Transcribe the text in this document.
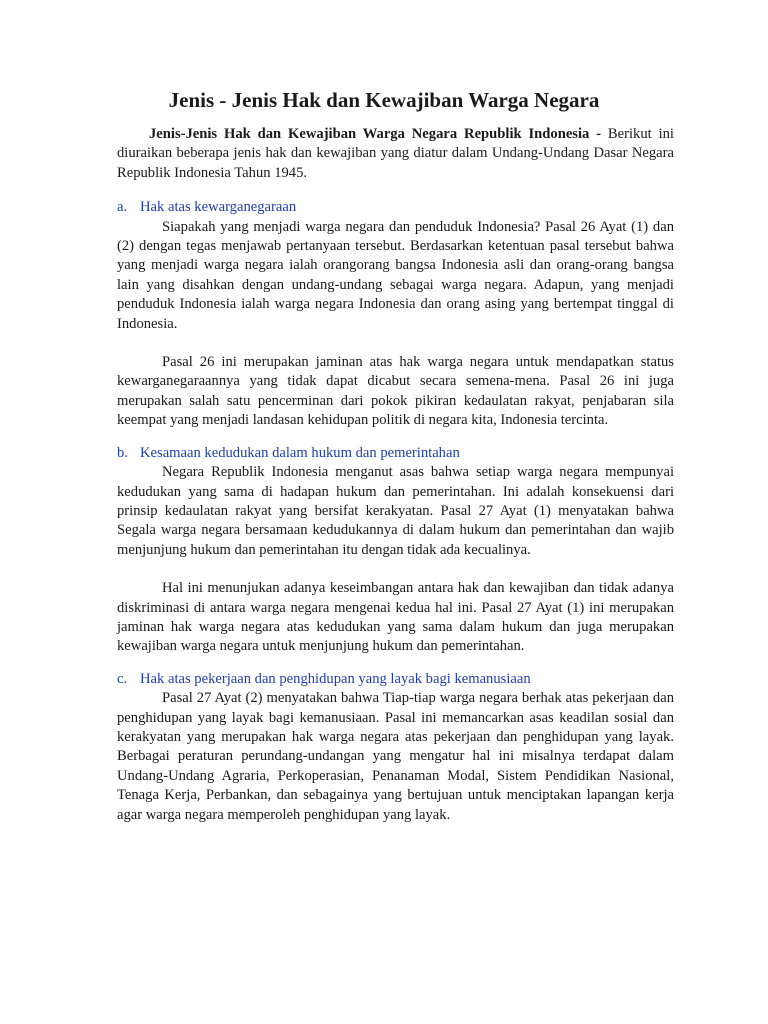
Jenis - Jenis Hak dan Kewajiban Warga Negara

Jenis-Jenis Hak dan Kewajiban Warga Negara Republik Indonesia - Berikut ini diuraikan beberapa jenis hak dan kewajiban yang diatur dalam Undang-Undang Dasar Negara Republik Indonesia Tahun 1945.

a. Hak atas kewarganegaraan

Siapakah yang menjadi warga negara dan penduduk Indonesia? Pasal 26 Ayat (1) dan (2) dengan tegas menjawab pertanyaan tersebut. Berdasarkan ketentuan pasal tersebut bahwa yang menjadi warga negara ialah orangorang bangsa Indonesia asli dan orang-orang bangsa lain yang disahkan dengan undang-undang sebagai warga negara. Adapun, yang menjadi penduduk Indonesia ialah warga negara Indonesia dan orang asing yang bertempat tinggal di Indonesia.

Pasal 26 ini merupakan jaminan atas hak warga negara untuk mendapatkan status kewarganegaraannya yang tidak dapat dicabut secara semena-mena. Pasal 26 ini juga merupakan salah satu pencerminan dari pokok pikiran kedaulatan rakyat, penjabaran sila keempat yang menjadi landasan kehidupan politik di negara kita, Indonesia tercinta.

b. Kesamaan kedudukan dalam hukum dan pemerintahan

Negara Republik Indonesia menganut asas bahwa setiap warga negara mempunyai kedudukan yang sama di hadapan hukum dan pemerintahan. Ini adalah konsekuensi dari prinsip kedaulatan rakyat yang bersifat kerakyatan. Pasal 27 Ayat (1) menyatakan bahwa Segala warga negara bersamaan kedudukannya di dalam hukum dan pemerintahan dan wajib menjunjung hukum dan pemerintahan itu dengan tidak ada kecualinya.

Hal ini menunjukan adanya keseimbangan antara hak dan kewajiban dan tidak adanya diskriminasi di antara warga negara mengenai kedua hal ini. Pasal 27 Ayat (1) ini merupakan jaminan hak warga negara atas kedudukan yang sama dalam hukum dan juga merupakan kewajiban warga negara untuk menjunjung hukum dan pemerintahan.

c. Hak atas pekerjaan dan penghidupan yang layak bagi kemanusiaan

Pasal 27 Ayat (2) menyatakan bahwa Tiap-tiap warga negara berhak atas pekerjaan dan penghidupan yang layak bagi kemanusiaan. Pasal ini memancarkan asas keadilan sosial dan kerakyatan yang merupakan hak warga negara atas pekerjaan dan penghidupan yang layak. Berbagai peraturan perundang-undangan yang mengatur hal ini misalnya terdapat dalam Undang-Undang Agraria, Perkoperasian, Penanaman Modal, Sistem Pendidikan Nasional, Tenaga Kerja, Perbankan, dan sebagainya yang bertujuan untuk menciptakan lapangan kerja agar warga negara memperoleh penghidupan yang layak.
